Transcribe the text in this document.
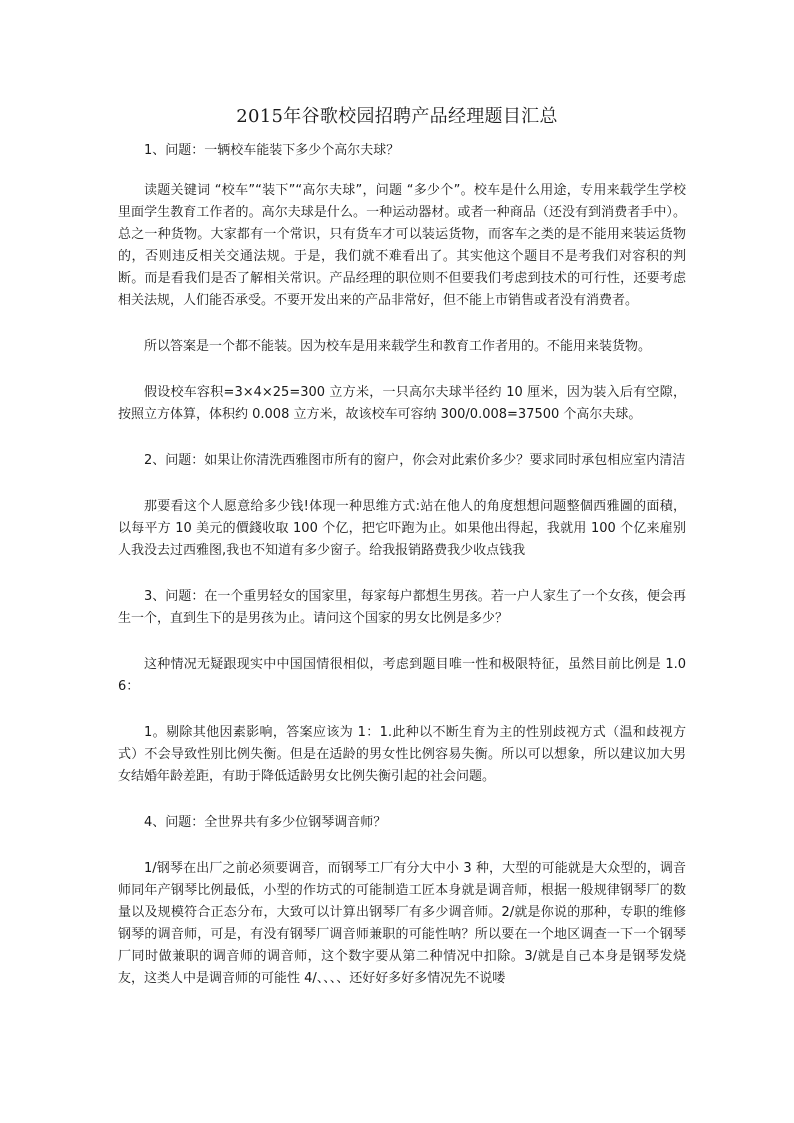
2015年谷歌校园招聘产品经理题目汇总

1、问题：一辆校车能装下多少个高尔夫球？

读题关键词 “校车”“装下”“高尔夫球”，问题 “多少个”。校车是什么用途，专用来载学生学校里面学生教育工作者的。高尔夫球是什么。一种运动器材。或者一种商品（还没有到消费者手中）。总之一种货物。大家都有一个常识，只有货车才可以装运货物，而客车之类的是不能用来装运货物的，否则违反相关交通法规。于是，我们就不难看出了。其实他这个题目不是考我们对容积的判断。而是看我们是否了解相关常识。产品经理的职位则不但要我们考虑到技术的可行性，还要考虑相关法规，人们能否承受。不要开发出来的产品非常好，但不能上市销售或者没有消费者。

所以答案是一个都不能装。因为校车是用来载学生和教育工作者用的。不能用来装货物。

假设校车容积=3×4×25=300 立方米，一只高尔夫球半径约 10 厘米，因为装入后有空隙，按照立方体算，体积约 0.008 立方米，故该校车可容纳 300/0.008=37500 个高尔夫球。

2、问题：如果让你清洗西雅图市所有的窗户，你会对此索价多少？要求同时承包相应室内清洁

那要看这个人愿意给多少钱!体现一种思维方式:站在他人的角度想想问题整個西雅圖的面積，以每平方 10 美元的價錢收取 100 个亿，把它吓跑为止。如果他出得起，我就用 100 个亿来雇别人我没去过西雅图,我也不知道有多少窗子。给我报销路费我少收点钱我

3、问题：在一个重男轻女的国家里，每家每户都想生男孩。若一户人家生了一个女孩，便会再生一个，直到生下的是男孩为止。请问这个国家的男女比例是多少？

这种情况无疑跟现实中中国国情很相似，考虑到题目唯一性和极限特征，虽然目前比例是 1.06：

1。剔除其他因素影响，答案应该为 1：1.此种以不断生育为主的性别歧视方式（温和歧视方式）不会导致性别比例失衡。但是在适龄的男女性比例容易失衡。所以可以想象，所以建议加大男女结婚年龄差距，有助于降低适龄男女比例失衡引起的社会问题。

4、问题：全世界共有多少位钢琴调音师？

1/钢琴在出厂之前必须要调音，而钢琴工厂有分大中小 3 种，大型的可能就是大众型的，调音师同年产钢琴比例最低，小型的作坊式的可能制造工匠本身就是调音师，根据一般规律钢琴厂的数量以及规模符合正态分布，大致可以计算出钢琴厂有多少调音师。2/就是你说的那种，专职的维修钢琴的调音师，可是，有没有钢琴厂调音师兼职的可能性呐？所以要在一个地区调查一下一个钢琴厂同时做兼职的调音师的调音师，这个数字要从第二种情况中扣除。3/就是自己本身是钢琴发烧友，这类人中是调音师的可能性 4/、、、、还好好多好多情况先不说喽
